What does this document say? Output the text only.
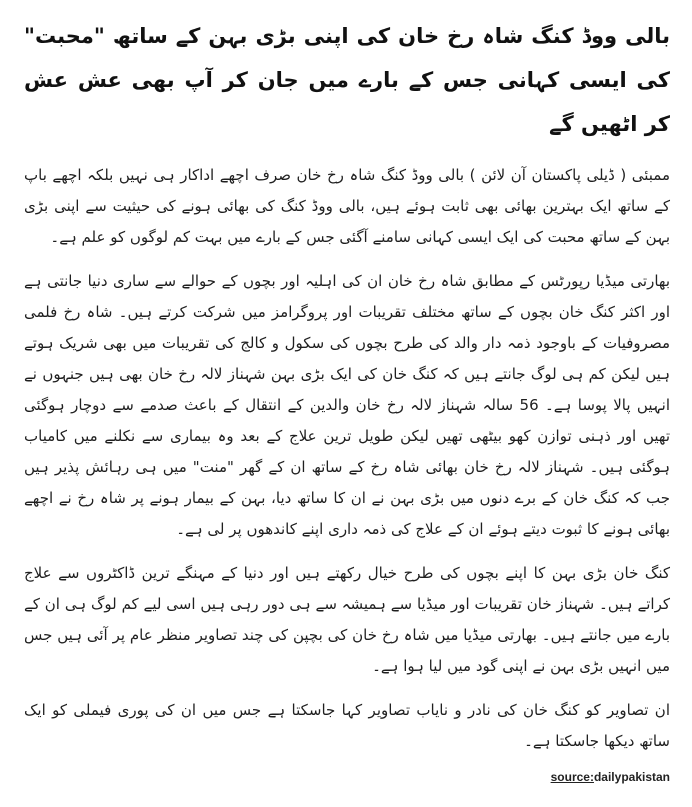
بالی ووڈ کنگ شاہ رخ خان کی اپنی بڑی بہن کے ساتھ "محبت" کی ایسی کہانی جس کے بارے میں جان کر آپ بھی عش عش کر اٹھیں گے

ممبئی ( ڈیلی پاکستان آن لائن ) بالی ووڈ کنگ شاہ رخ خان صرف اچھے اداکار ہی نہیں بلکہ اچھے باپ کے ساتھ ایک بہترین بھائی بھی ثابت ہوئے ہیں، بالی ووڈ کنگ کی بھائی ہونے کی حیثیت سے اپنی بڑی بہن کے ساتھ محبت کی ایک ایسی کہانی سامنے آگئی جس کے بارے میں بہت کم لوگوں کو علم ہے۔

بھارتی میڈیا رپورٹس کے مطابق شاہ رخ خان ان کی اہلیہ اور بچوں کے حوالے سے ساری دنیا جانتی ہے اور اکثر کنگ خان بچوں کے ساتھ مختلف تقریبات اور پروگرامز میں شرکت کرتے ہیں۔ شاہ رخ فلمی مصروفیات کے باوجود ذمہ دار والد کی طرح بچوں کی سکول و کالج کی تقریبات میں بھی شریک ہوتے ہیں لیکن کم ہی لوگ جانتے ہیں کہ کنگ خان کی ایک بڑی بہن شہناز لالہ رخ خان بھی ہیں جنہوں نے انہیں پالا پوسا ہے۔ 56 سالہ شہناز لالہ رخ خان والدین کے انتقال کے باعث صدمے سے دوچار ہوگئی تھیں اور ذہنی توازن کھو بیٹھی تھیں لیکن طویل ترین علاج کے بعد وہ بیماری سے نکلنے میں کامیاب ہوگئی ہیں۔ شہناز لالہ رخ خان بھائی شاہ رخ کے ساتھ ان کے گھر "منت" میں ہی رہائش پذیر ہیں جب کہ کنگ خان کے برے دنوں میں بڑی بہن نے ان کا ساتھ دیا، بہن کے بیمار ہونے پر شاہ رخ نے اچھے بھائی ہونے کا ثبوت دیتے ہوئے ان کے علاج کی ذمہ داری اپنے کاندھوں پر لی ہے۔

کنگ خان بڑی بہن کا اپنے بچوں کی طرح خیال رکھتے ہیں اور دنیا کے مہنگے ترین ڈاکٹروں سے علاج کراتے ہیں۔ شہناز خان تقریبات اور میڈیا سے ہمیشہ سے ہی دور رہی ہیں اسی لیے کم لوگ ہی ان کے بارے میں جانتے ہیں۔ بھارتی میڈیا میں شاہ رخ خان کی بچپن کی چند تصاویر منظر عام پر آئی ہیں جس میں انہیں بڑی بہن نے اپنی گود میں لیا ہوا ہے۔

ان تصاویر کو کنگ خان کی نادر و نایاب تصاویر کہا جاسکتا ہے جس میں ان کی پوری فیملی کو ایک ساتھ دیکھا جاسکتا ہے۔

source:dailypakistan
